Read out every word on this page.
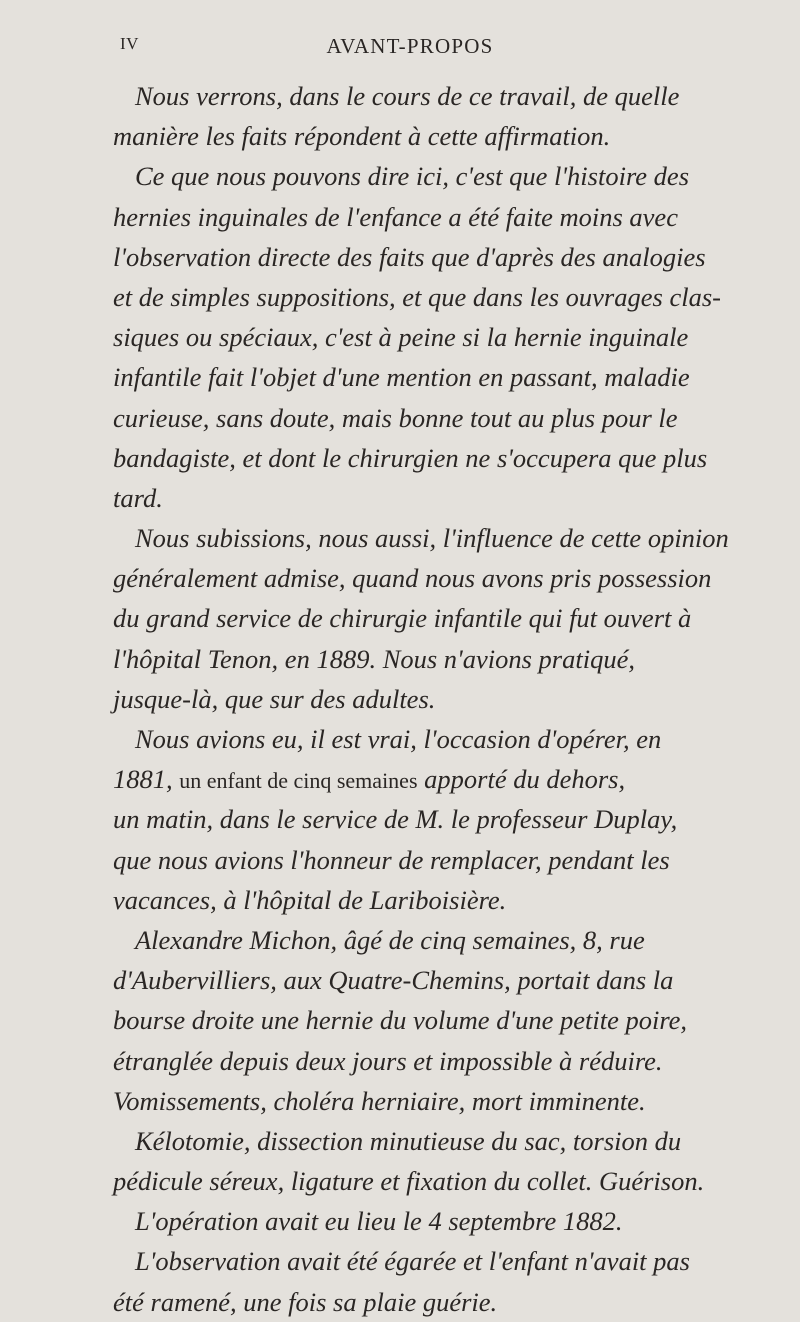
IV	AVANT-PROPOS
Nous verrons, dans le cours de ce travail, de quelle
manière les faits répondent à cette affirmation.
Ce que nous pouvons dire ici, c'est que l'histoire des
hernies inguinales de l'enfance a été faite moins avec
l'observation directe des faits que d'après des analogies
et de simples suppositions, et que dans les ouvrages clas-
siques ou spéciaux, c'est à peine si la hernie inguinale
infantile fait l'objet d'une mention en passant, maladie
curieuse, sans doute, mais bonne tout au plus pour le
bandagiste, et dont le chirurgien ne s'occupera que plus
tard.
Nous subissions, nous aussi, l'influence de cette opinion
généralement admise, quand nous avons pris possession
du grand service de chirurgie infantile qui fut ouvert à
l'hôpital Tenon, en 1889. Nous n'avions pratiqué,
jusque-là, que sur des adultes.
Nous avions eu, il est vrai, l'occasion d'opérer, en
1881, un enfant de cinq semaines apporté du dehors,
un matin, dans le service de M. le professeur Duplay,
que nous avions l'honneur de remplacer, pendant les
vacances, à l'hôpital de Lariboisière.
Alexandre Michon, âgé de cinq semaines, 8, rue
d'Aubervilliers, aux Quatre-Chemins, portait dans la
bourse droite une hernie du volume d'une petite poire,
étranglée depuis deux jours et impossible à réduire.
Vomissements, choléra herniaire, mort imminente.
Kélotomie, dissection minutieuse du sac, torsion du
pédicule séreux, ligature et fixation du collet. Guérison.
L'opération avait eu lieu le 4 septembre 1882.
L'observation avait été égarée et l'enfant n'avait pas
été ramené, une fois sa plaie guérie.
